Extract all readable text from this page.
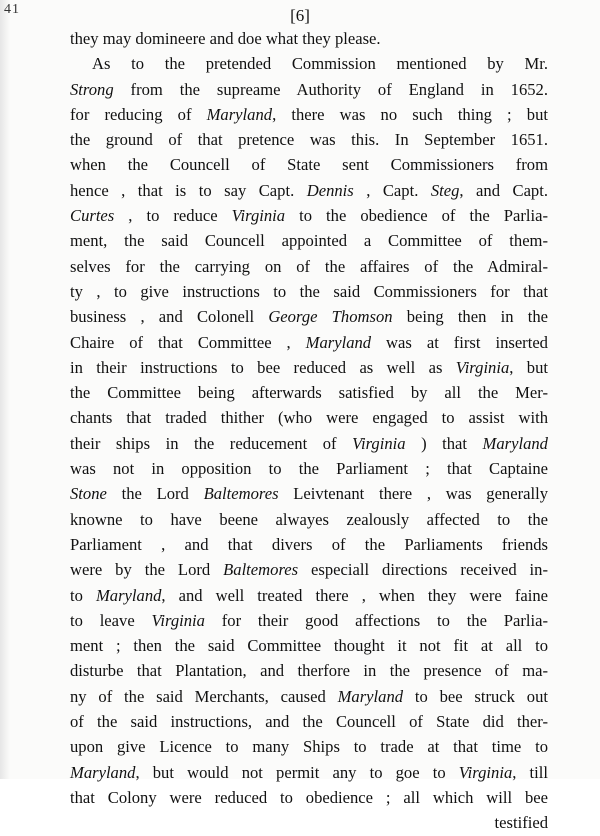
41	[6]
they may domineere and doe what they please.
As to the pretended Commission mentioned by Mr.
Strong from the supreame Authority of England in 1652.
for reducing of Maryland, there was no such thing ; but
the ground of that pretence was this. In September 1651.
when the Councell of State sent Commissioners from
hence , that is to say Capt. Dennis , Capt. Steg, and Capt.
Curtes , to reduce Virginia to the obedience of the Parlia-
ment, the said Councell appointed a Committee of them-
selves for the carrying on of the affaires of the Admiral-
ty , to give instructions to the said Commissioners for that
business , and Colonell George Thomson being then in the
Chaire of that Committee , Maryland was at first inserted
in their instructions to bee reduced as well as Virginia, but
the Committee being afterwards satisfied by all the Mer-
chants that traded thither (who were engaged to assist with
their ships in the reducement of Virginia ) that Maryland
was not in opposition to the Parliament ; that Captaine
Stone the Lord Baltemores Leivtenant there , was generally
knowne to have beene alwayes zealously affected to the
Parliament , and that divers of the Parliaments friends
were by the Lord Baltemores especiall directions received in-
to Maryland, and well treated there , when they were faine
to leave Virginia for their good affections to the Parlia-
ment ; then the said Committee thought it not fit at all to
disturbe that Plantation, and therfore in the presence of ma-
ny of the said Merchants, caused Maryland to bee struck out
of the said instructions, and the Councell of State did ther-
upon give Licence to many Ships to trade at that time to
Maryland, but would not permit any to goe to Virginia, till
that Colony were reduced to obedience ; all which will bee
testified
